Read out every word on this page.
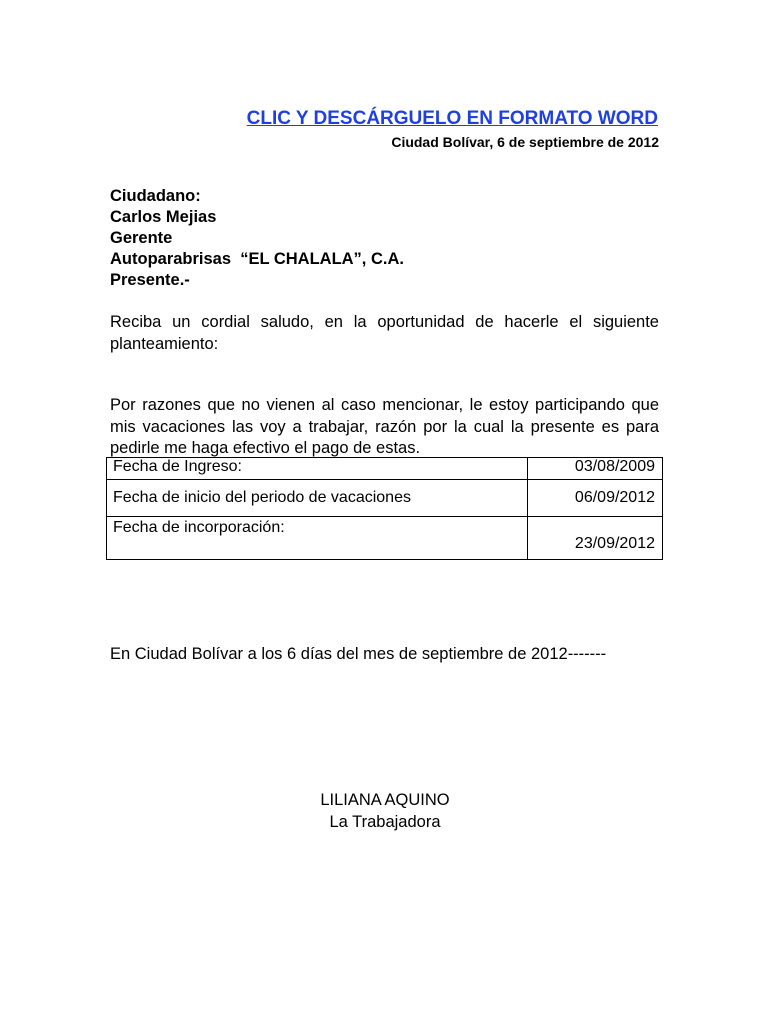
CLIC Y DESCÁRGUELO EN FORMATO WORD
Ciudad Bolívar, 6 de septiembre de 2012
Ciudadano:
Carlos Mejias
Gerente
Autoparabrisas  “EL CHALALA”, C.A.
Presente.-
Reciba un cordial saludo, en la oportunidad de hacerle el siguiente planteamiento:
Por razones que no vienen al caso mencionar, le estoy participando que mis vacaciones las voy a trabajar, razón por la cual la presente es para pedirle me haga efectivo el pago de estas.
Fecha de Ingreso:	03/08/2009
Fecha de inicio del periodo de vacaciones	06/09/2012
Fecha de incorporación:	23/09/2012
En Ciudad Bolívar a los 6 días del mes de septiembre de 2012-------
LILIANA AQUINO
La Trabajadora
